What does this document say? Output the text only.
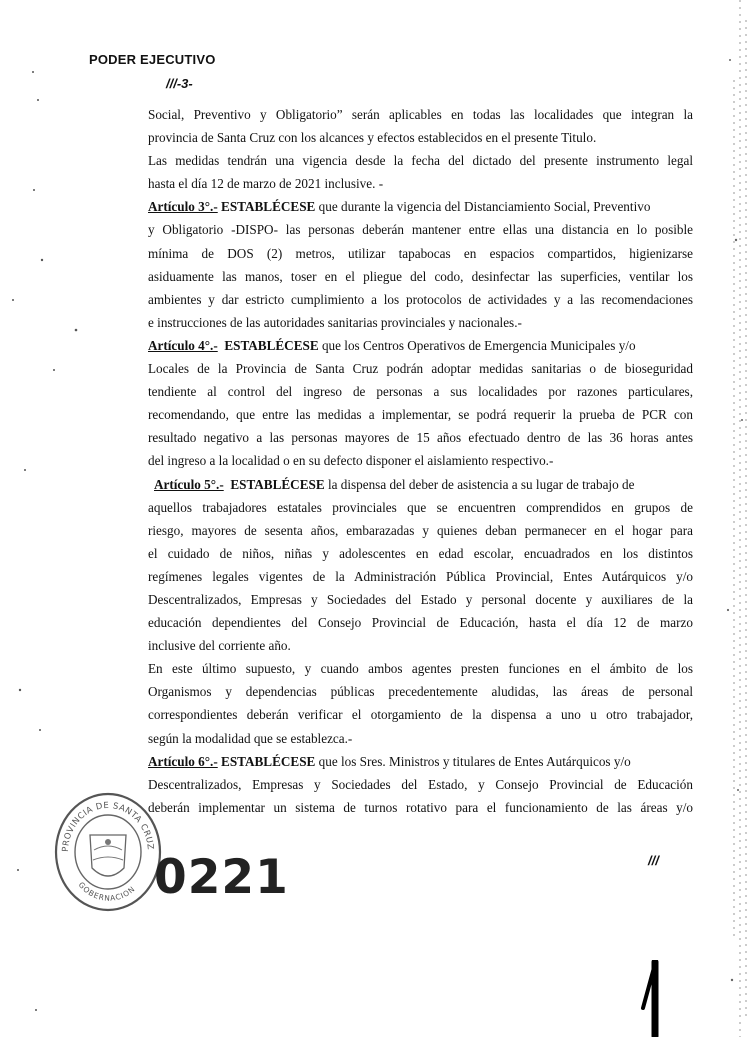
PODER EJECUTIVO
///-3-
Social, Preventivo y Obligatorio” serán aplicables en todas las localidades que integran la
provincia de Santa Cruz con los alcances y efectos establecidos en el presente Titulo.
Las medidas tendrán una vigencia desde la fecha del dictado del presente instrumento legal
hasta el día 12 de marzo de 2021 inclusive. -
Artículo 3°.- ESTABLÉCESE que durante la vigencia del Distanciamiento Social, Preventivo
y Obligatorio -DISPO- las personas deberán mantener entre ellas una distancia en lo posible
mínima de DOS (2) metros, utilizar tapabocas en espacios compartidos, higienizarse
asiduamente las manos, toser en el pliegue del codo, desinfectar las superficies, ventilar los
ambientes y dar estricto cumplimiento a los protocolos de actividades y a las recomendaciones
e instrucciones de las autoridades sanitarias provinciales y nacionales.-
Artículo 4°.- ESTABLÉCESE que los Centros Operativos de Emergencia Municipales y/o
Locales de la Provincia de Santa Cruz podrán adoptar medidas sanitarias o de bioseguridad
tendiente al control del ingreso de personas a sus localidades por razones particulares,
recomendando, que entre las medidas a implementar, se podrá requerir la prueba de PCR con
resultado negativo a las personas mayores de 15 años efectuado dentro de las 36 horas antes
del ingreso a la localidad o en su defecto disponer el aislamiento respectivo.-
Artículo 5°.- ESTABLÉCESE la dispensa del deber de asistencia a su lugar de trabajo de
aquellos trabajadores estatales provinciales que se encuentren comprendidos en grupos de
riesgo, mayores de sesenta años, embarazadas y quienes deban permanecer en el hogar para
el cuidado de niños, niñas y adolescentes en edad escolar, encuadrados en los distintos
regímenes legales vigentes de la Administración Pública Provincial, Entes Autárquicos y/o
Descentralizados, Empresas y Sociedades del Estado y personal docente y auxiliares de la
educación dependientes del Consejo Provincial de Educación, hasta el día 12 de marzo
inclusive del corriente año.
En este último supuesto, y cuando ambos agentes presten funciones en el ámbito de los
Organismos y dependencias públicas precedentemente aludidas, las áreas de personal
correspondientes deberán verificar el otorgamiento de la dispensa a uno u otro trabajador,
según la modalidad que se establezca.-
Artículo 6°.- ESTABLÉCESE que los Sres. Ministros y titulares de Entes Autárquicos y/o
Descentralizados, Empresas y Sociedades del Estado, y Consejo Provincial de Educación
deberán implementar un sistema de turnos rotativo para el funcionamiento de las áreas y/o
PROVINCIA DE SANTA CRUZ
GOBERNACION 0221	///
